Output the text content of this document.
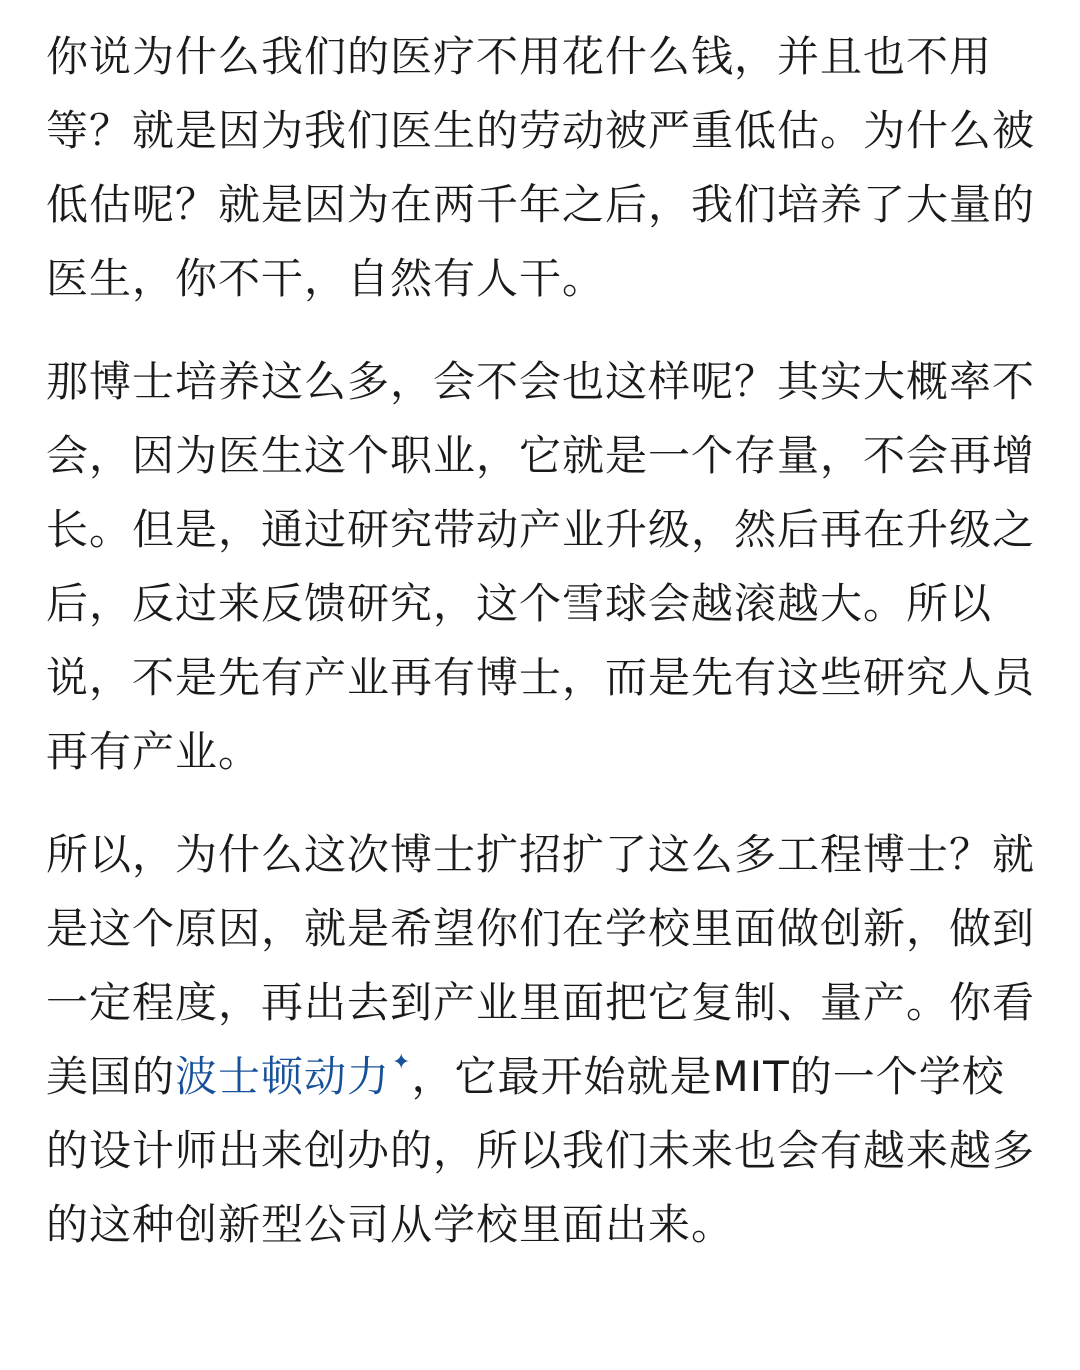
你说为什么我们的医疗不用花什么钱，并且也不用等？就是因为我们医生的劳动被严重低估。为什么被低估呢？就是因为在两千年之后，我们培养了大量的医生，你不干，自然有人干。

那博士培养这么多，会不会也这样呢？其实大概率不会，因为医生这个职业，它就是一个存量，不会再增长。但是，通过研究带动产业升级，然后再在升级之后，反过来反馈研究，这个雪球会越滚越大。所以说，不是先有产业再有博士，而是先有这些研究人员再有产业。

所以，为什么这次博士扩招扩了这么多工程博士？就是这个原因，就是希望你们在学校里面做创新，做到一定程度，再出去到产业里面把它复制、量产。你看美国的波士顿动力✦，它最开始就是MIT的一个学校的设计师出来创办的，所以我们未来也会有越来越多的这种创新型公司从学校里面出来。
